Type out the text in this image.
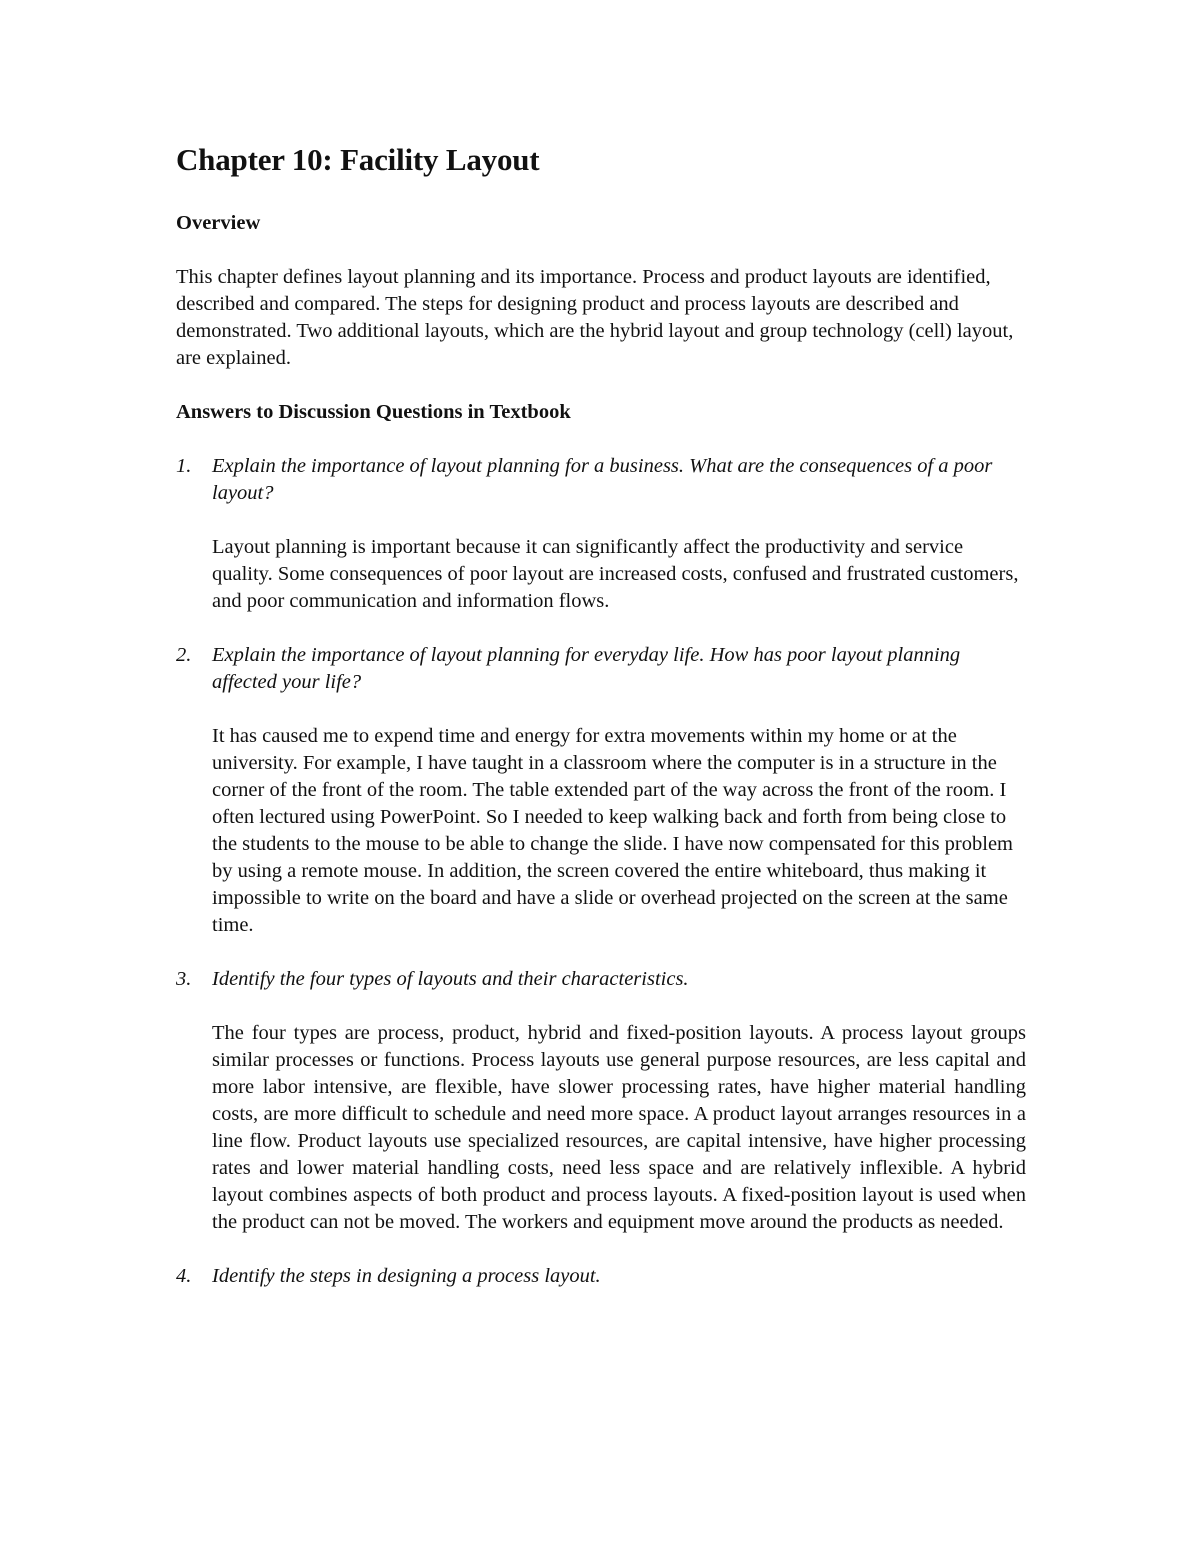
Chapter 10: Facility Layout
Overview

This chapter defines layout planning and its importance. Process and product layouts are identified, described and compared. The steps for designing product and process layouts are described and demonstrated. Two additional layouts, which are the hybrid layout and group technology (cell) layout, are explained.

Answers to Discussion Questions in Textbook
1. Explain the importance of layout planning for a business. What are the consequences of a poor layout?

Layout planning is important because it can significantly affect the productivity and service quality. Some consequences of poor layout are increased costs, confused and frustrated customers, and poor communication and information flows.

2. Explain the importance of layout planning for everyday life. How has poor layout planning affected your life?

It has caused me to expend time and energy for extra movements within my home or at the university. For example, I have taught in a classroom where the computer is in a structure in the corner of the front of the room. The table extended part of the way across the front of the room. I often lectured using PowerPoint. So I needed to keep walking back and forth from being close to the students to the mouse to be able to change the slide. I have now compensated for this problem by using a remote mouse. In addition, the screen covered the entire whiteboard, thus making it impossible to write on the board and have a slide or overhead projected on the screen at the same time.

3. Identify the four types of layouts and their characteristics.

The four types are process, product, hybrid and fixed-position layouts. A process layout groups similar processes or functions. Process layouts use general purpose resources, are less capital and more labor intensive, are flexible, have slower processing rates, have higher material handling costs, are more difficult to schedule and need more space. A product layout arranges resources in a line flow. Product layouts use specialized resources, are capital intensive, have higher processing rates and lower material handling costs, need less space and are relatively inflexible. A hybrid layout combines aspects of both product and process layouts. A fixed-position layout is used when the product can not be moved. The workers and equipment move around the products as needed.

4. Identify the steps in designing a process layout.
